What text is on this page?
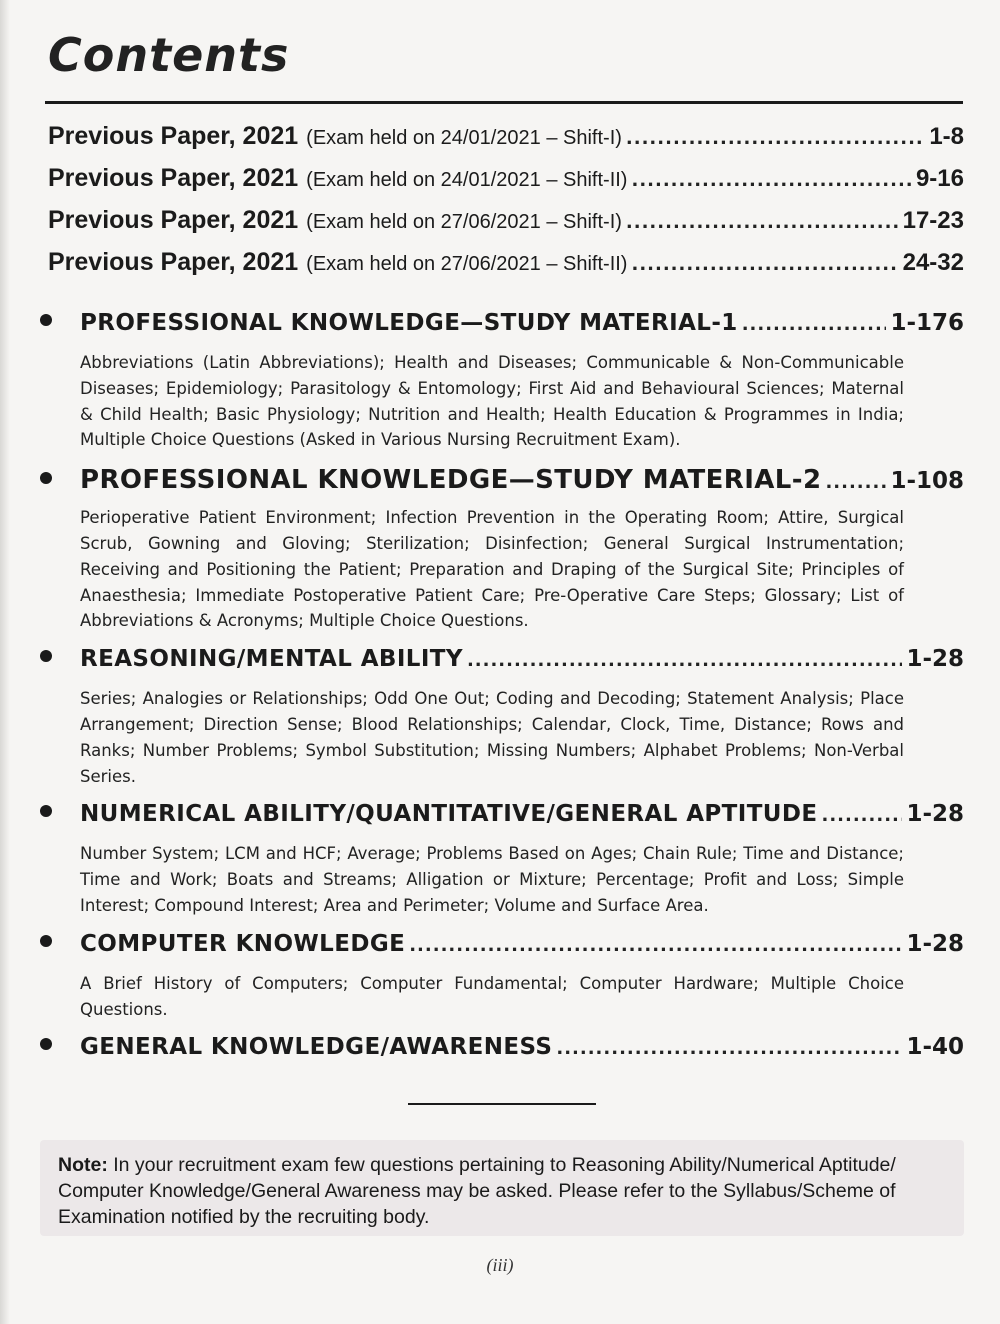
Contents
Previous Paper, 2021 (Exam held on 24/01/2021 – Shift-I) .....	1-8
Previous Paper, 2021 (Exam held on 24/01/2021 – Shift-II) .....	9-16
Previous Paper, 2021 (Exam held on 27/06/2021 – Shift-I) .....	17-23
Previous Paper, 2021 (Exam held on 27/06/2021 – Shift-II) .....	24-32
PROFESSIONAL KNOWLEDGE—STUDY MATERIAL-1 .....	1-176
Abbreviations (Latin Abbreviations); Health and Diseases; Communicable & Non-Communicable Diseases; Epidemiology; Parasitology & Entomology; First Aid and Behavioural Sciences; Maternal & Child Health; Basic Physiology; Nutrition and Health; Health Education & Programmes in India; Multiple Choice Questions (Asked in Various Nursing Recruitment Exam).
PROFESSIONAL KNOWLEDGE—STUDY MATERIAL-2 .....	1-108
Perioperative Patient Environment; Infection Prevention in the Operating Room; Attire, Surgical Scrub, Gowning and Gloving; Sterilization; Disinfection; General Surgical Instrumentation; Receiving and Positioning the Patient; Preparation and Draping of the Surgical Site; Principles of Anaesthesia; Immediate Postoperative Patient Care; Pre-Operative Care Steps; Glossary; List of Abbreviations & Acronyms; Multiple Choice Questions.
REASONING/MENTAL ABILITY .....	1-28
Series; Analogies or Relationships; Odd One Out; Coding and Decoding; Statement Analysis; Place Arrangement; Direction Sense; Blood Relationships; Calendar, Clock, Time, Distance; Rows and Ranks; Number Problems; Symbol Substitution; Missing Numbers; Alphabet Problems; Non-Verbal Series.
NUMERICAL ABILITY/QUANTITATIVE/GENERAL APTITUDE .....	1-28
Number System; LCM and HCF; Average; Problems Based on Ages; Chain Rule; Time and Distance; Time and Work; Boats and Streams; Alligation or Mixture; Percentage; Profit and Loss; Simple Interest; Compound Interest; Area and Perimeter; Volume and Surface Area.
COMPUTER KNOWLEDGE .....	1-28
A Brief History of Computers; Computer Fundamental; Computer Hardware; Multiple Choice Questions.
GENERAL KNOWLEDGE/AWARENESS .....	1-40
Note: In your recruitment exam few questions pertaining to Reasoning Ability/Numerical Aptitude/ Computer Knowledge/General Awareness may be asked. Please refer to the Syllabus/Scheme of Examination notified by the recruiting body.
(iii)
